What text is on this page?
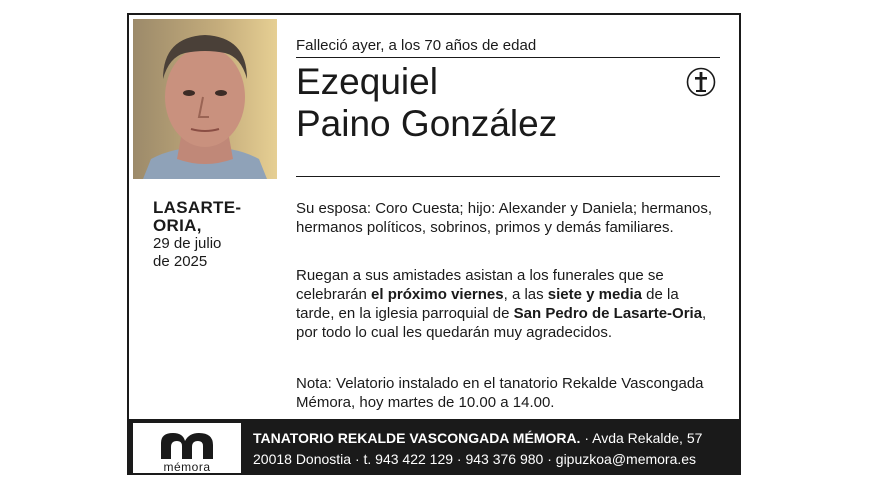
LASARTE-
ORIA,
29 de julio
de 2025
Falleció ayer, a los 70 años de edad
Ezequiel
Paino González
Su esposa: Coro Cuesta; hijo: Alexander y Daniela; hermanos, hermanos políticos, sobrinos, primos y demás familiares.
Ruegan a sus amistades asistan a los funerales que se celebrarán el próximo viernes, a las siete y media de la tarde, en la iglesia parroquial de San Pedro de Lasarte-Oria, por todo lo cual les quedarán muy agradecidos.
Nota: Velatorio instalado en el tanatorio Rekalde Vascongada Mémora, hoy martes de 10.00 a 14.00.
mémora
TANATORIO REKALDE VASCONGADA MÉMORA. · Avda Rekalde, 57
20018 Donostia · t. 943 422 129 · 943 376 980 · gipuzkoa@memora.es
